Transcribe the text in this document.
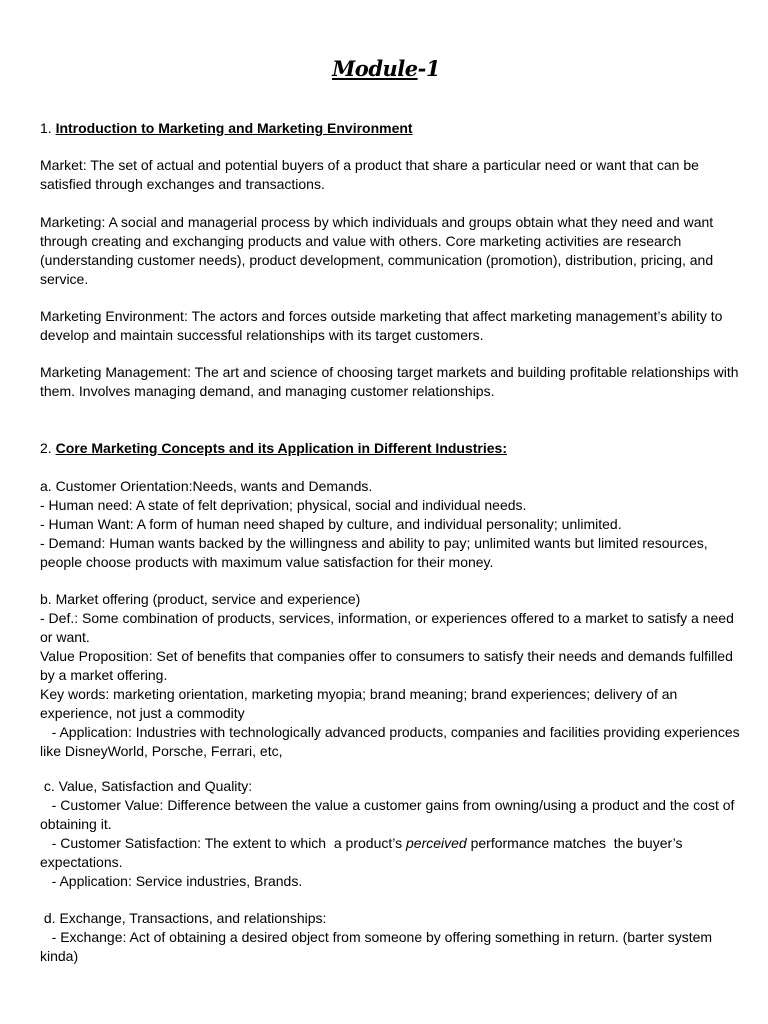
Module-1
1. Introduction to Marketing and Marketing Environment
Market: The set of actual and potential buyers of a product that share a particular need or want that can be
satisfied through exchanges and transactions.
Marketing: A social and managerial process by which individuals and groups obtain what they need and want
through creating and exchanging products and value with others. Core marketing activities are research
(understanding customer needs), product development, communication (promotion), distribution, pricing, and
service.
Marketing Environment: The actors and forces outside marketing that affect marketing management’s ability to
develop and maintain successful relationships with its target customers.
Marketing Management: The art and science of choosing target markets and building profitable relationships with
them. Involves managing demand, and managing customer relationships.
2. Core Marketing Concepts and its Application in Different Industries:
a. Customer Orientation:Needs, wants and Demands.
- Human need: A state of felt deprivation; physical, social and individual needs.
- Human Want: A form of human need shaped by culture, and individual personality; unlimited.
- Demand: Human wants backed by the willingness and ability to pay; unlimited wants but limited resources,
people choose products with maximum value satisfaction for their money.
b. Market offering (product, service and experience)
- Def.: Some combination of products, services, information, or experiences offered to a market to satisfy a need
or want.
Value Proposition: Set of benefits that companies offer to consumers to satisfy their needs and demands fulfilled
by a market offering.
Key words: marketing orientation, marketing myopia; brand meaning; brand experiences; delivery of an
experience, not just a commodity
- Application: Industries with technologically advanced products, companies and facilities providing experiences
like DisneyWorld, Porsche, Ferrari, etc,
c. Value, Satisfaction and Quality:
- Customer Value: Difference between the value a customer gains from owning/using a product and the cost of
obtaining it.
- Customer Satisfaction: The extent to which  a product’s perceived performance matches  the buyer’s
expectations.
- Application: Service industries, Brands.
d. Exchange, Transactions, and relationships:
- Exchange: Act of obtaining a desired object from someone by offering something in return. (barter system
kinda)
